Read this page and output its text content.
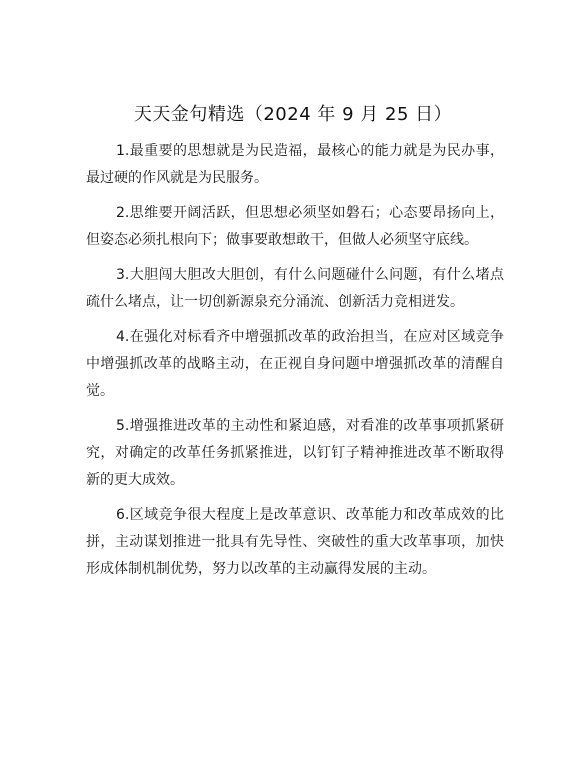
天天金句精选（2024 年 9 月 25 日）

1.最重要的思想就是为民造福，最核心的能力就是为民办事，最过硬的作风就是为民服务。

2.思维要开阔活跃，但思想必须坚如磐石；心态要昂扬向上，但姿态必须扎根向下；做事要敢想敢干，但做人必须坚守底线。

3.大胆闯大胆改大胆创，有什么问题碰什么问题，有什么堵点疏什么堵点，让一切创新源泉充分涌流、创新活力竞相迸发。

4.在强化对标看齐中增强抓改革的政治担当，在应对区域竞争中增强抓改革的战略主动，在正视自身问题中增强抓改革的清醒自觉。

5.增强推进改革的主动性和紧迫感，对看准的改革事项抓紧研究，对确定的改革任务抓紧推进，以钉钉子精神推进改革不断取得新的更大成效。

6.区域竞争很大程度上是改革意识、改革能力和改革成效的比拼，主动谋划推进一批具有先导性、突破性的重大改革事项，加快形成体制机制优势，努力以改革的主动赢得发展的主动。
